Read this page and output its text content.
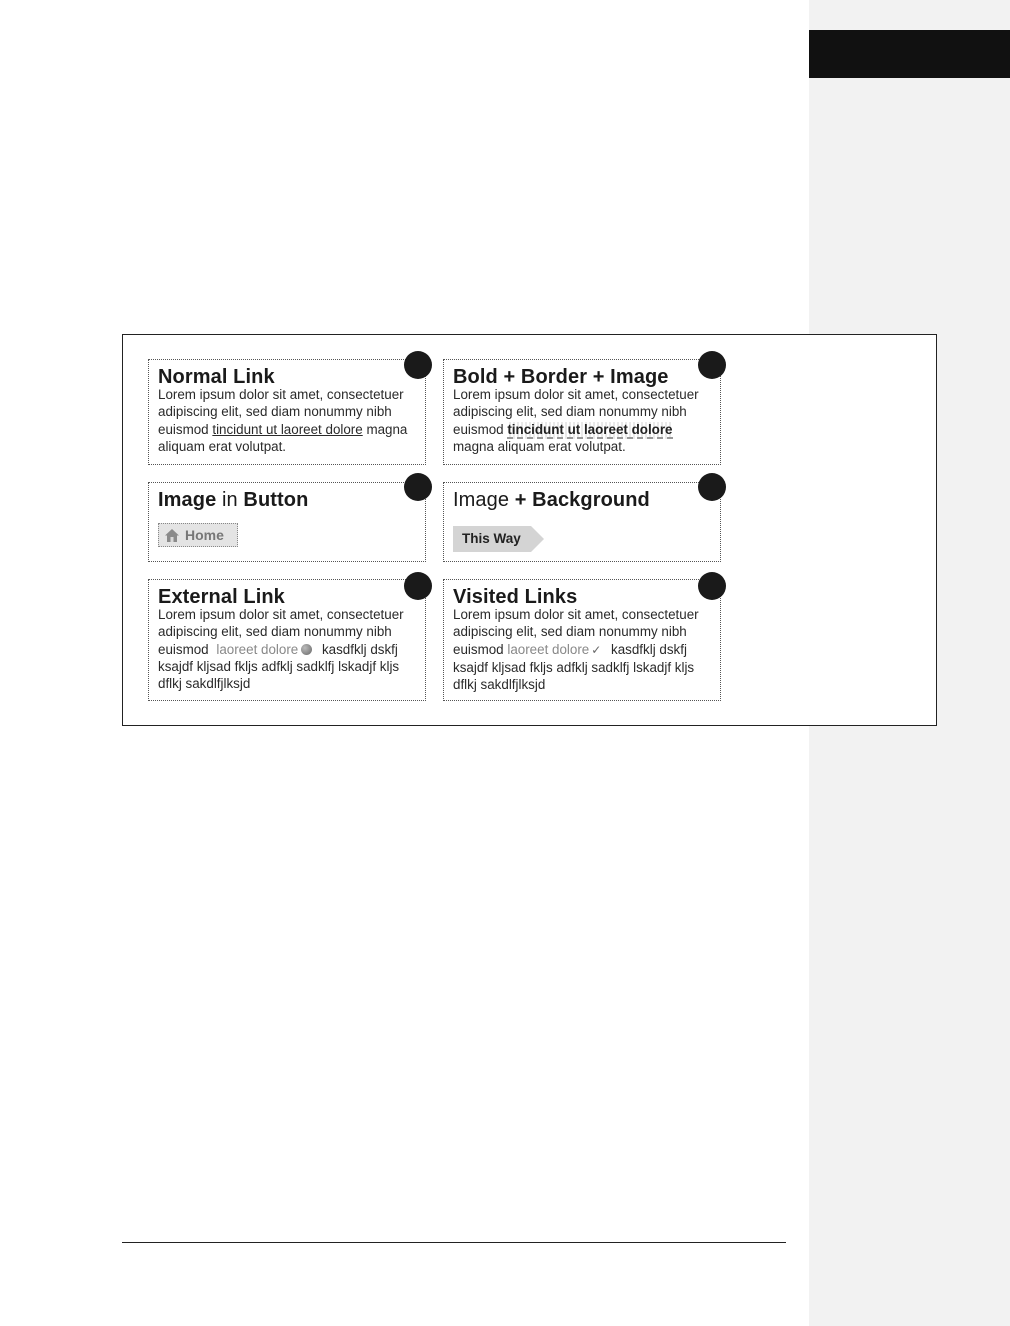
Normal Link

Lorem ipsum dolor sit amet, consectetuer adipiscing elit, sed diam nonummy nibh euismod tincidunt ut laoreet dolore magna aliquam erat volutpat.

Bold + Border + Image

Lorem ipsum dolor sit amet, consectetuer adipiscing elit, sed diam nonummy nibh euismod tincidunt ut laoreet dolore magna aliquam erat volutpat.

Image in Button
Home
Image + Background
This Way
External Link

Lorem ipsum dolor sit amet, consectetuer adipiscing elit, sed diam nonummy nibh euismod laoreet dolore kasdfklj dskfj ksajdf kljsad fkljs adfklj sadklfj lskadjf kljs dflkj sakdlfjlksjd

Visited Links

Lorem ipsum dolor sit amet, consectetuer adipiscing elit, sed diam nonummy nibh euismod laoreet dolore ✓ kasdfklj dskfj ksajdf kljsad fkljs adfklj sadklfj lskadjf kljs dflkj sakdlfjlksjd
